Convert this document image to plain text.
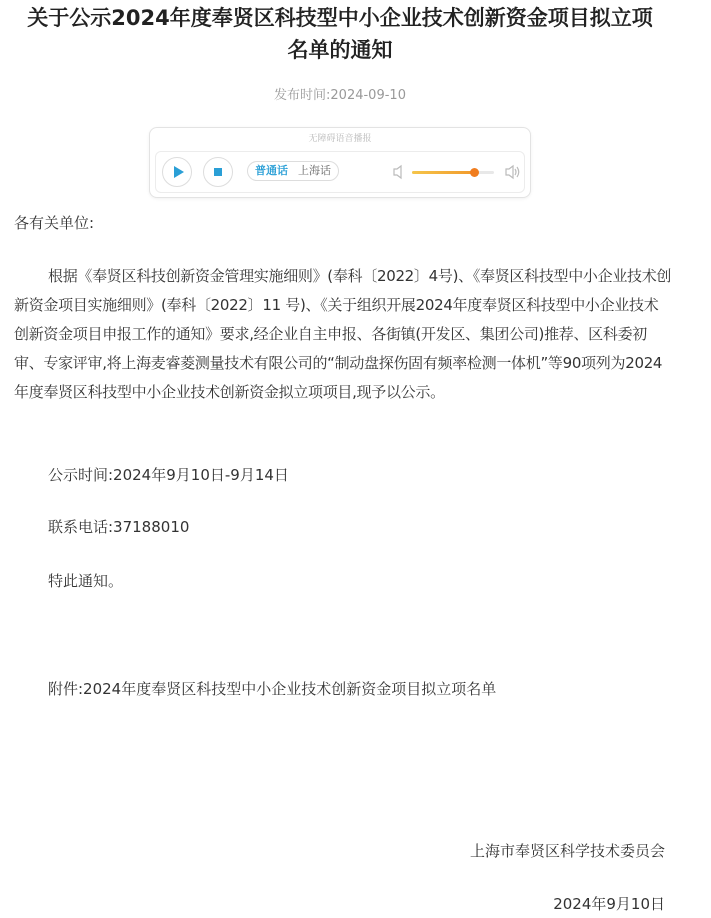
关于公示2024年度奉贤区科技型中小企业技术创新资金项目拟立项名单的通知
发布时间:2024-09-10
无障碍语音播报
普通话 上海话

各有关单位:

根据《奉贤区科技创新资金管理实施细则》(奉科〔2022〕4号)、《奉贤区科技型中小企业技术创新资金项目实施细则》(奉科〔2022〕11 号)、《关于组织开展2024年度奉贤区科技型中小企业技术创新资金项目申报工作的通知》要求,经企业自主申报、各街镇(开发区、集团公司)推荐、区科委初审、专家评审,将上海麦睿菱测量技术有限公司的“制动盘探伤固有频率检测一体机”等90项列为2024年度奉贤区科技型中小企业技术创新资金拟立项项目,现予以公示。

公示时间:2024年9月10日-9月14日

联系电话:37188010

特此通知。

附件:2024年度奉贤区科技型中小企业技术创新资金项目拟立项名单

上海市奉贤区科学技术委员会

2024年9月10日
